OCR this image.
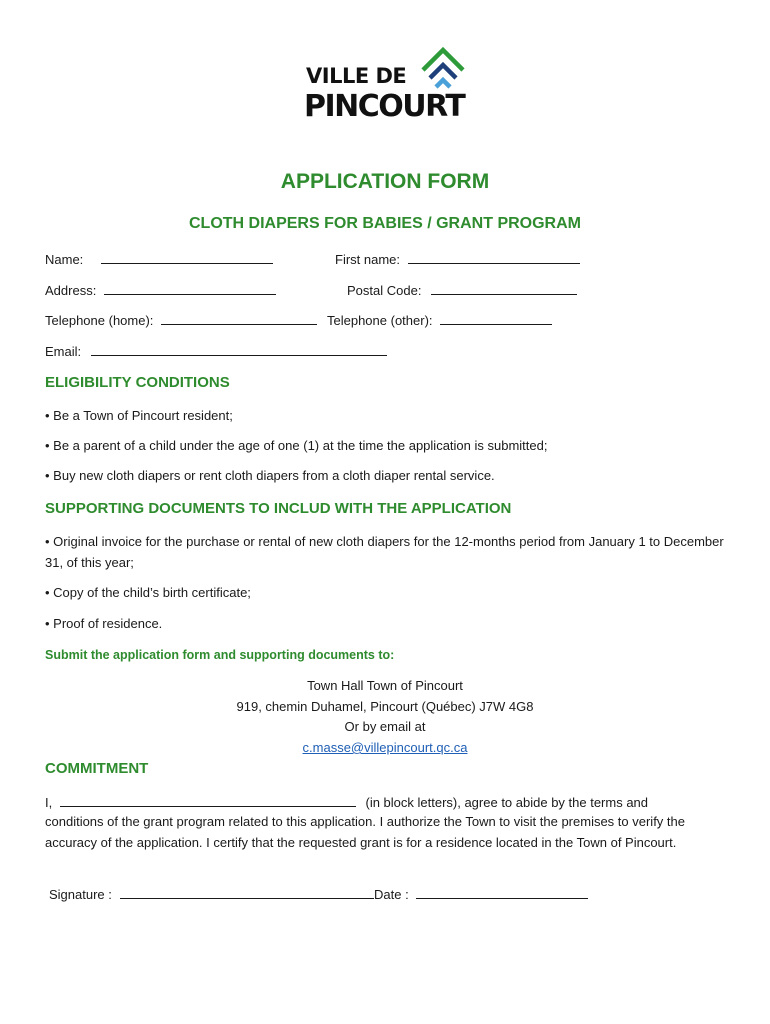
VILLE DE
PINCOURT
APPLICATION FORM
CLOTH DIAPERS FOR BABIES / GRANT PROGRAM
Name:	First name:
Address:	Postal Code:
Telephone (home):	Telephone (other):
Email:
ELIGIBILITY CONDITIONS
• Be a Town of Pincourt resident;
• Be a parent of a child under the age of one (1) at the time the application is submitted;
• Buy new cloth diapers or rent cloth diapers from a cloth diaper rental service.
SUPPORTING DOCUMENTS TO INCLUD WITH THE APPLICATION
• Original invoice for the purchase or rental of new cloth diapers for the 12-months period from January 1 to December 31, of this year;
• Copy of the child’s birth certificate;
• Proof of residence.
Submit the application form and supporting documents to:
Town Hall Town of Pincourt
919, chemin Duhamel, Pincourt (Québec) J7W 4G8
Or by email at
c.masse@villepincourt.qc.ca
COMMITMENT
I,	(in block letters), agree to abide by the terms and
conditions of the grant program related to this application. I authorize the Town to visit the premises to verify the accuracy of the application. I certify that the requested grant is for a residence located in the Town of Pincourt.
Signature :	Date :
